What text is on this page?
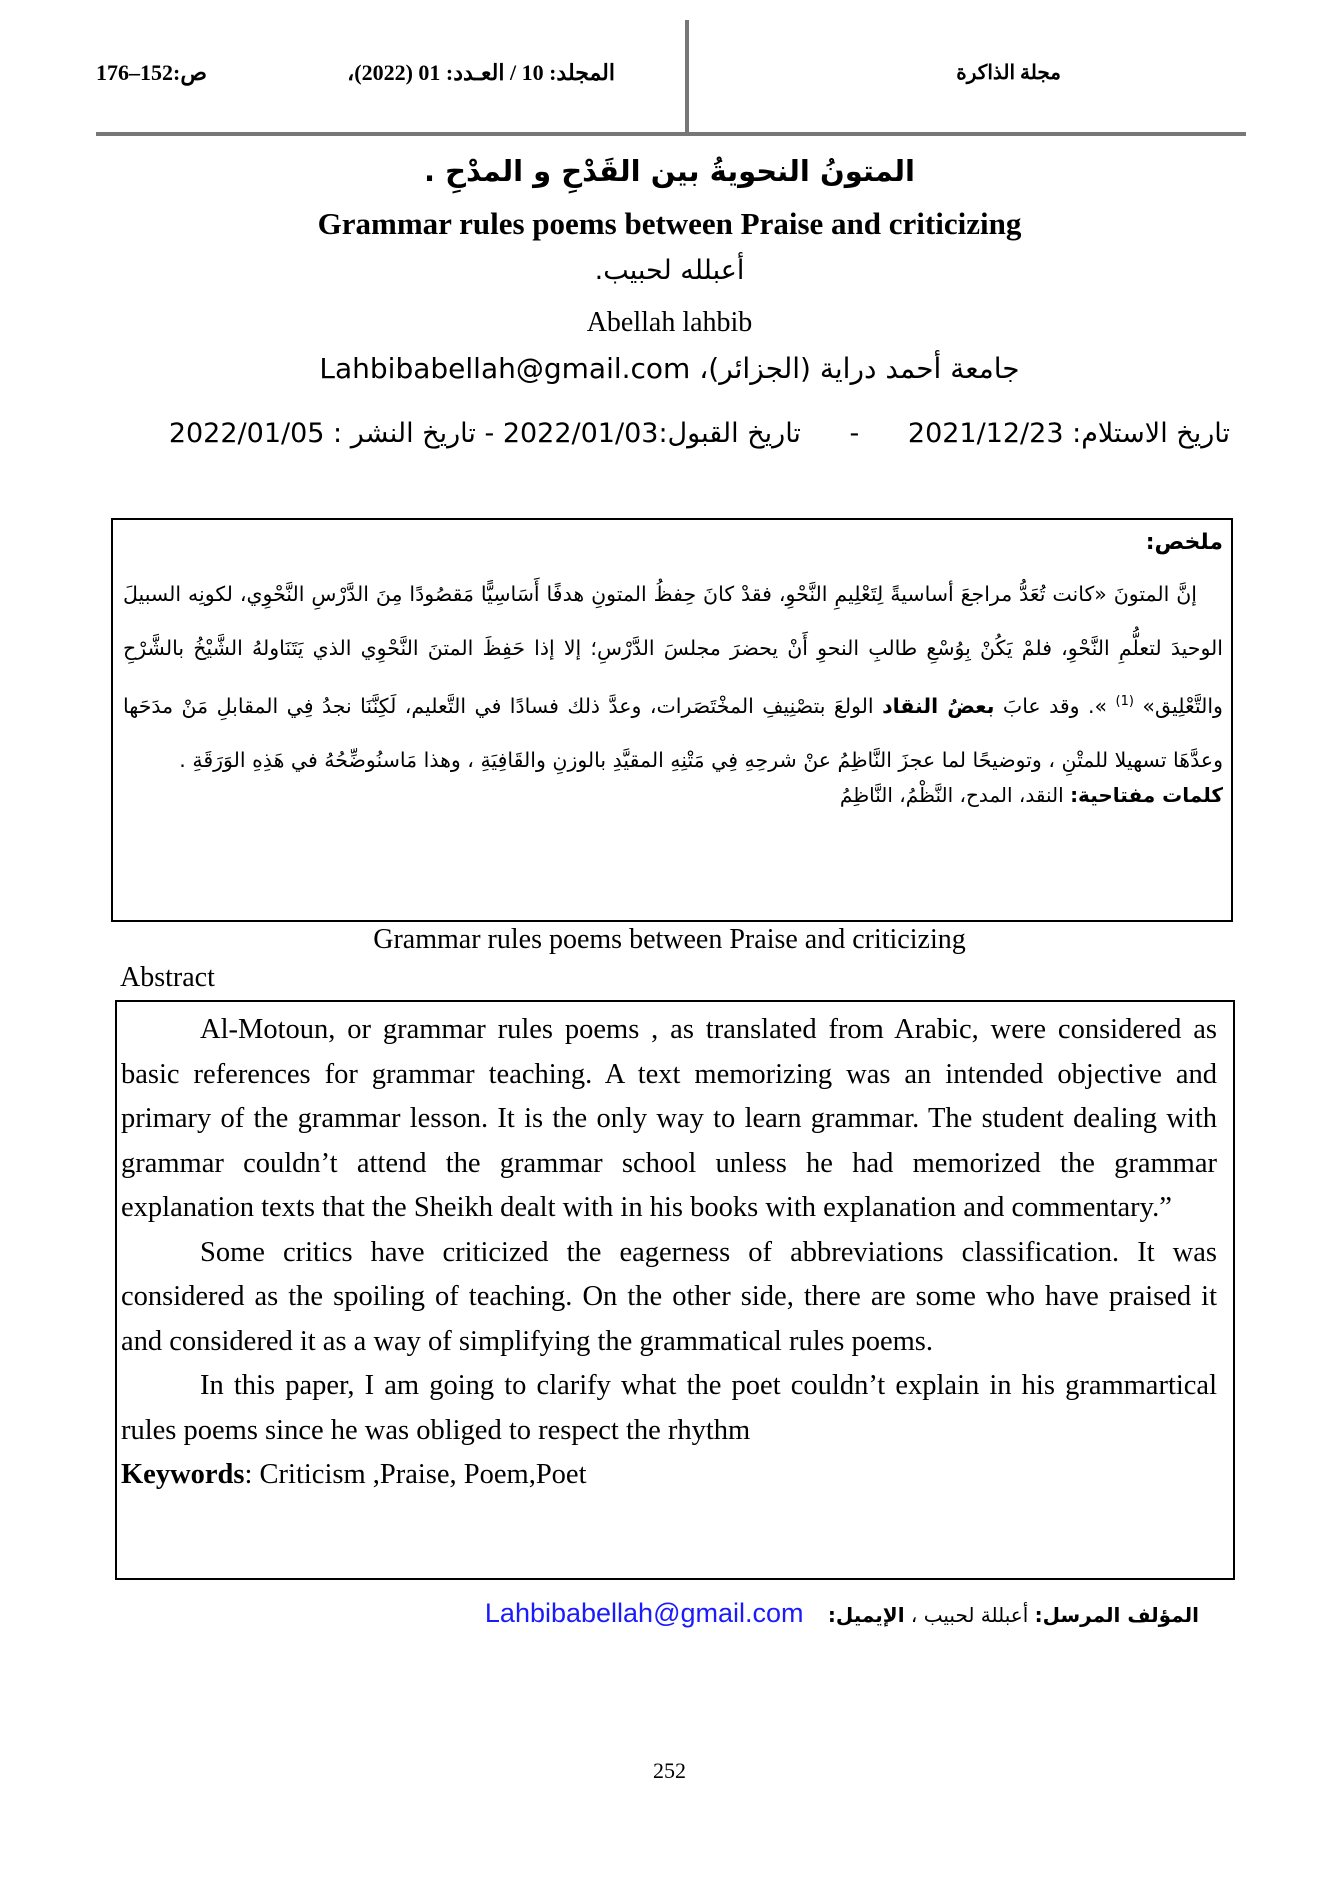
176–152ص:	المجلد: 10 / العـدد: 01 (2022)،	مجلة الذاكرة
المتونُ النحويةُ بين القَدْحِ و المدْحِ .
Grammar rules poems between Praise and criticizing
أعبلله لحبيب.
Abellah lahbib
جامعة أحمد دراية (الجزائر)، Lahbibabellah@gmail.com
تاريخ الاستلام: 2021/12/23 - تاريخ القبول:2022/01/03 - تاريخ النشر : 2022/01/05
ملخص:
إنَّ المتونَ «كانت تُعَدُّ مراجعَ أساسيةً لِتَعْلِيمِ النَّحْوِ، فقدْ كانَ حِفظُ المتونِ هدفًا أَسَاسِيًّا مَقصُودًا مِنَ الدَّرْسِ النَّحْوِي، لكونِه السبيلَ الوحيدَ لتعلُّمِ النَّحْوِ، فلمْ يَكُنْ بِوُسْعِ طالبِ النحوِ أَنْ يحضرَ مجلسَ الدَّرْسِ؛ إلا إذا حَفِظَ المتنَ النَّحْوِي الذي يَتَنَاولهُ الشَّيْخُ بالشَّرْحِ والتَّعْلِيق» $^{(1)}$ ». وقد عابَ بعضُ النقاد الولعَ بتصْنِيفِ المخْتَصَرات، وعدَّ ذلك فسادًا في التَّعليم، لَكِنَّنَا نجدُ فِي المقابلِ مَنْ مدَحَها وعدَّهَا تسهيلا للمتْنِ ، وتوضيحًا لما عجزَ النَّاظِمُ عنْ شرحِهِ فِي مَتْنِهِ المقيَّدِ بالوزنِ والقَافِيَةِ ، وهذا مَاسنُوضِّحُهُ في هَذِهِ الوَرَقَةِ .
كلمات مفتاحية: النقد، المدح، النَّظْمُ، النَّاظِمُ
Grammar rules poems between Praise and criticizing
Abstract

Al-Motoun, or grammar rules poems , as translated from Arabic, were considered as basic references for grammar teaching. A text memorizing was an intended objective and primary of the grammar lesson. It is the only way to learn grammar. The student dealing with grammar couldn’t attend the grammar school unless he had memorized the grammar explanation texts that the Sheikh dealt with in his books with explanation and commentary.”

Some critics have criticized the eagerness of abbreviations classification. It was considered as the spoiling of teaching. On the other side, there are some who have praised it and considered it as a way of simplifying the grammatical rules poems.

In this paper, I am going to clarify what the poet couldn’t explain in his grammartical rules poems since he was obliged to respect the rhythm

Keywords: Criticism ,Praise, Poem,Poet

المؤلف المرسل: أعبللة لحبيب ، الإيميل: Lahbibabellah@gmail.com
252
